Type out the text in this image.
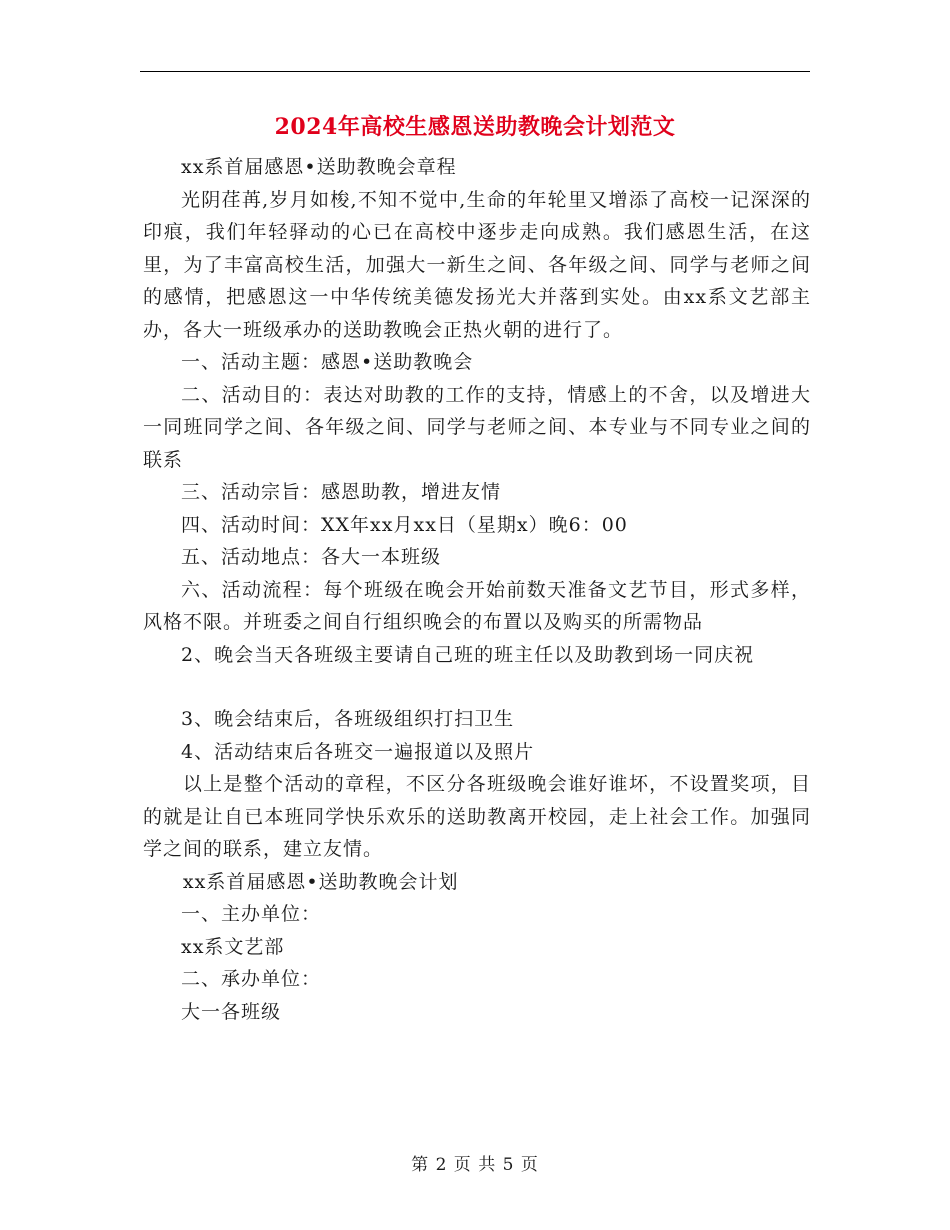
2024年高校生感恩送助教晚会计划范文

xx系首届感恩•送助教晚会章程

光阴荏苒,岁月如梭,不知不觉中,生命的年轮里又增添了高校一记深深的印痕，我们年轻驿动的心已在高校中逐步走向成熟。我们感恩生活，在这里，为了丰富高校生活，加强大一新生之间、各年级之间、同学与老师之间的感情，把感恩这一中华传统美德发扬光大并落到实处。由xx系文艺部主办，各大一班级承办的送助教晚会正热火朝的进行了。

一、活动主题：感恩•送助教晚会

二、活动目的：表达对助教的工作的支持，情感上的不舍，以及增进大一同班同学之间、各年级之间、同学与老师之间、本专业与不同专业之间的联系

三、活动宗旨：感恩助教，增进友情

四、活动时间：XX年xx月xx日（星期x）晚6：00

五、活动地点：各大一本班级

六、活动流程：每个班级在晚会开始前数天准备文艺节目，形式多样，风格不限。并班委之间自行组织晚会的布置以及购买的所需物品

2、晚会当天各班级主要请自己班的班主任以及助教到场一同庆祝

3、晚会结束后，各班级组织打扫卫生

4、活动结束后各班交一遍报道以及照片

以上是整个活动的章程，不区分各班级晚会谁好谁坏，不设置奖项，目的就是让自已本班同学快乐欢乐的送助教离开校园，走上社会工作。加强同学之间的联系，建立友情。

xx系首届感恩•送助教晚会计划

一、主办单位：

xx系文艺部

二、承办单位：

大一各班级

第 2 页 共 5 页
